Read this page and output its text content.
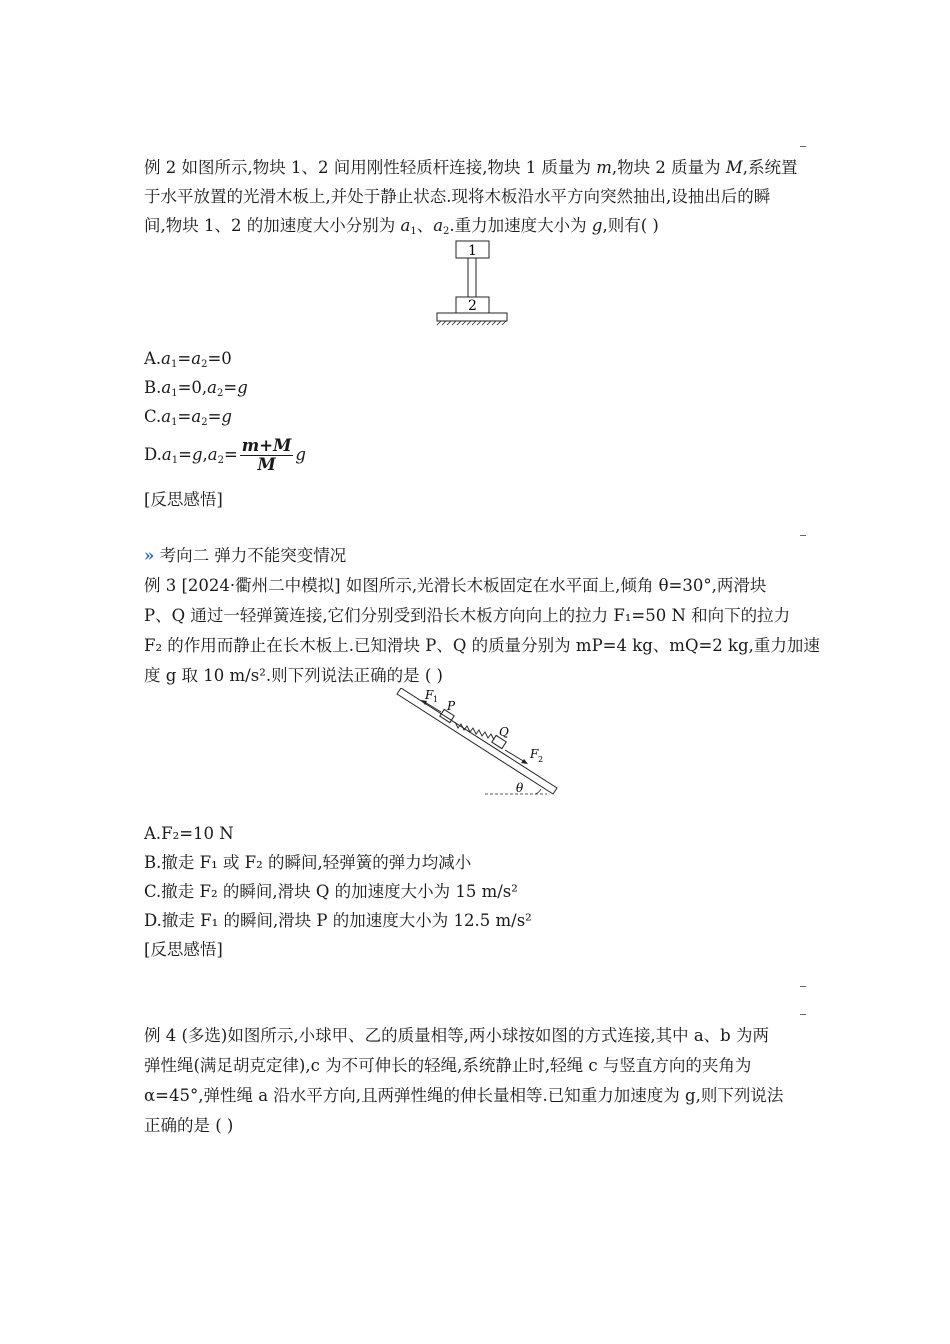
例 2 如图所示,物块 1、2 间用刚性轻质杆连接,物块 1 质量为 m,物块 2 质量为 M,系统置
于水平放置的光滑木板上,并处于静止状态.现将木板沿水平方向突然抽出,设抽出后的瞬
间,物块 1、2 的加速度大小分别为 $a_1$、$a_2$.重力加速度大小为 g,则有( )
1
2
$A.a_1=a_2=0$
$B.a_1=0,a_2=g$
$C.a_1=a_2=g$
$D.a_1=g,a_2= \frac{m+M}{M}$ g
[反思感悟]
» 考向二 弹力不能突变情况
例 3 [2024·衢州二中模拟] 如图所示,光滑长木板固定在水平面上,倾角 θ=30°,两滑块
P、Q 通过一轻弹簧连接,它们分别受到沿长木板方向向上的拉力 F₁=50 N 和向下的拉力
F₂ 的作用而静止在长木板上.已知滑块 P、Q 的质量分别为 mP=4 kg、mQ=2 kg,重力加速
度 g 取 10 m/s².则下列说法正确的是 ( )
θ
F 1 P
Q
F 2
A.F₂=10 N
B.撤走 F₁ 或 F₂ 的瞬间,轻弹簧的弹力均减小
C.撤走 F₂ 的瞬间,滑块 Q 的加速度大小为 15 m/s²
D.撤走 F₁ 的瞬间,滑块 P 的加速度大小为 12.5 m/s²
[反思感悟]
例 4 (多选)如图所示,小球甲、乙的质量相等,两小球按如图的方式连接,其中 a、b 为两
弹性绳(满足胡克定律),c 为不可伸长的轻绳,系统静止时,轻绳 c 与竖直方向的夹角为
α=45°,弹性绳 a 沿水平方向,且两弹性绳的伸长量相等.已知重力加速度为 g,则下列说法
正确的是 ( )
